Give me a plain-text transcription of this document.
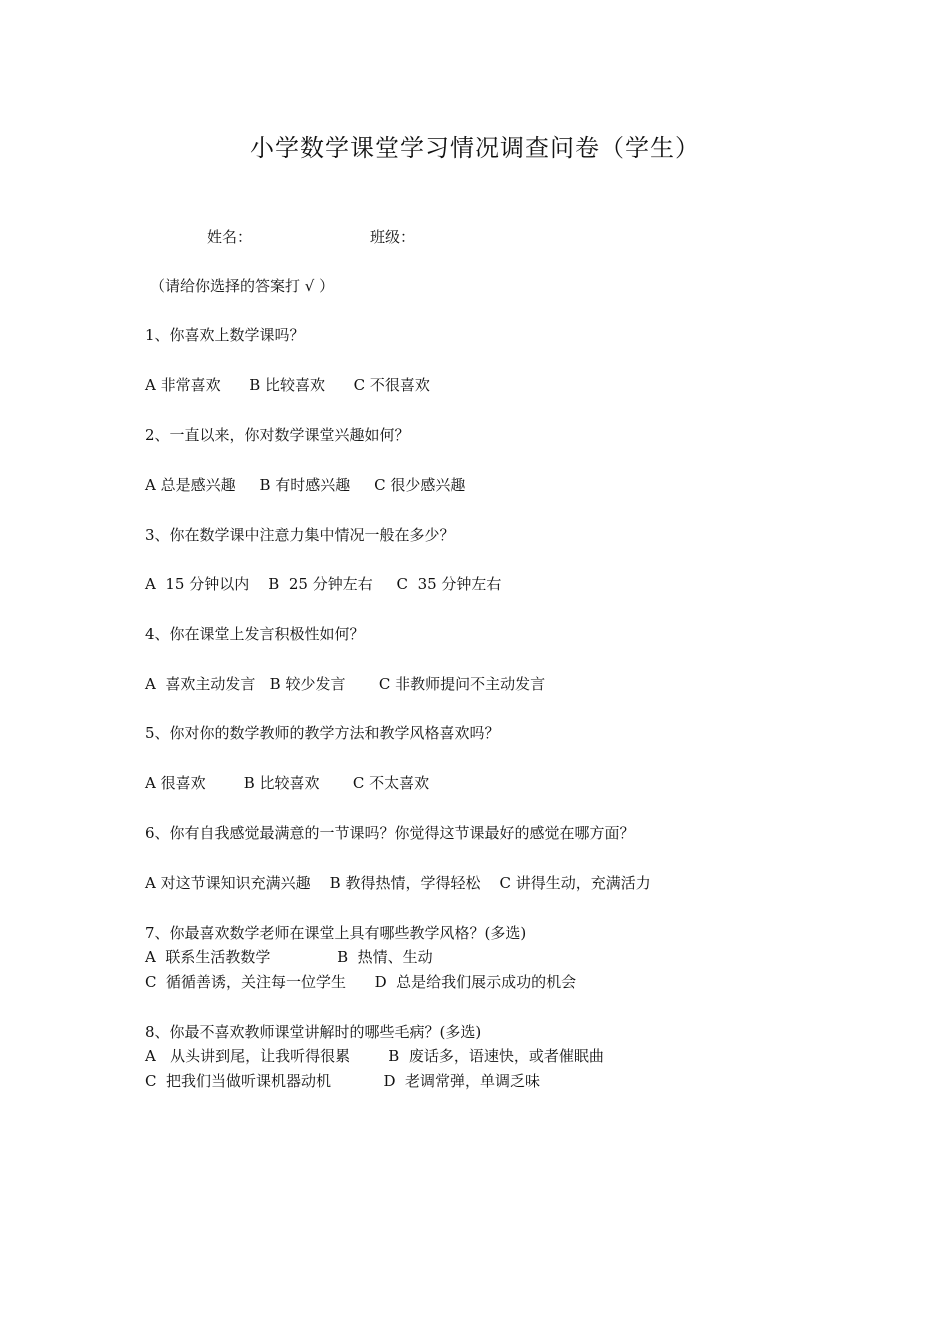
小学数学课堂学习情况调查问卷（学生）
姓名：	班级：
（请给你选择的答案打 √ ）
1、你喜欢上数学课吗？
A 非常喜欢      B 比较喜欢      C 不很喜欢
2、一直以来，你对数学课堂兴趣如何？
A 总是感兴趣     B 有时感兴趣     C 很少感兴趣
3、你在数学课中注意力集中情况一般在多少？
A  15 分钟以内    B  25 分钟左右     C  35 分钟左右
4、你在课堂上发言积极性如何？
A  喜欢主动发言   B 较少发言       C 非教师提问不主动发言
5、你对你的数学教师的教学方法和教学风格喜欢吗？
A 很喜欢        B 比较喜欢       C 不太喜欢
6、你有自我感觉最满意的一节课吗？你觉得这节课最好的感觉在哪方面？
A 对这节课知识充满兴趣    B 教得热情，学得轻松    C 讲得生动，充满活力
7、你最喜欢数学老师在课堂上具有哪些教学风格？(多选)
A  联系生活教数学              B  热情、生动
C  循循善诱，关注每一位学生      D  总是给我们展示成功的机会
8、你最不喜欢教师课堂讲解时的哪些毛病？(多选)
A   从头讲到尾，让我听得很累        B  废话多，语速快，或者催眠曲
C  把我们当做听课机器动机           D  老调常弹，单调乏味
